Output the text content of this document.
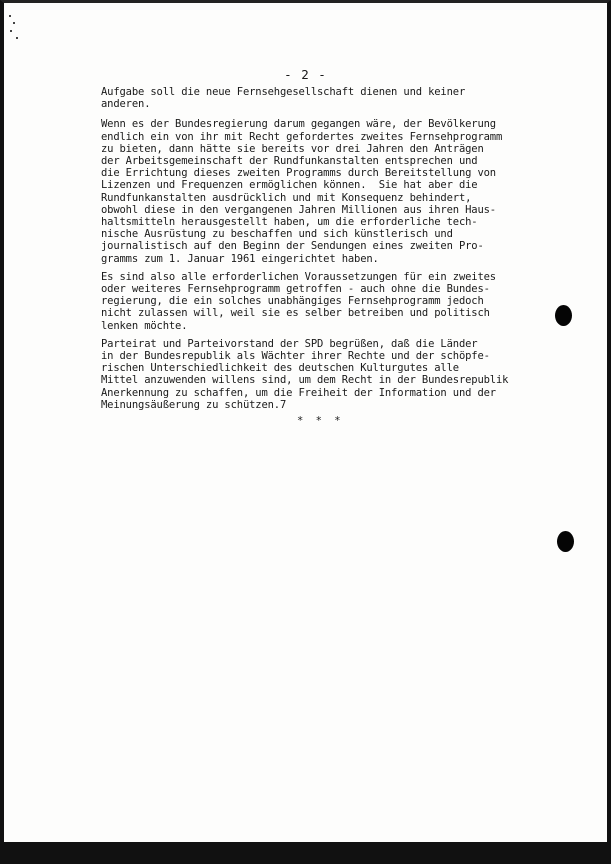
- 2 -

Aufgabe soll die neue Fernsehgesellschaft dienen und keiner
anderen.

Wenn es der Bundesregierung darum gegangen wäre, der Bevölkerung
endlich ein von ihr mit Recht gefordertes zweites Fernsehprogramm
zu bieten, dann hätte sie bereits vor drei Jahren den Anträgen
der Arbeitsgemeinschaft der Rundfunkanstalten entsprechen und
die Errichtung dieses zweiten Programms durch Bereitstellung von
Lizenzen und Frequenzen ermöglichen können.  Sie hat aber die
Rundfunkanstalten ausdrücklich und mit Konsequenz behindert,
obwohl diese in den vergangenen Jahren Millionen aus ihren Haus-
haltsmitteln herausgestellt haben, um die erforderliche tech-
nische Ausrüstung zu beschaffen und sich künstlerisch und
journalistisch auf den Beginn der Sendungen eines zweiten Pro-
gramms zum 1. Januar 1961 eingerichtet haben.

Es sind also alle erforderlichen Voraussetzungen für ein zweites
oder weiteres Fernsehprogramm getroffen - auch ohne die Bundes-
regierung, die ein solches unabhängiges Fernsehprogramm jedoch
nicht zulassen will, weil sie es selber betreiben und politisch
lenken möchte.

Parteirat und Parteivorstand der SPD begrüßen, daß die Länder
in der Bundesrepublik als Wächter ihrer Rechte und der schöpfe-
rischen Unterschiedlichkeit des deutschen Kulturgutes alle
Mittel anzuwenden willens sind, um dem Recht in der Bundesrepublik
Anerkennung zu schaffen, um die Freiheit der Information und der
Meinungsäußerung zu schützen.7

* * *
